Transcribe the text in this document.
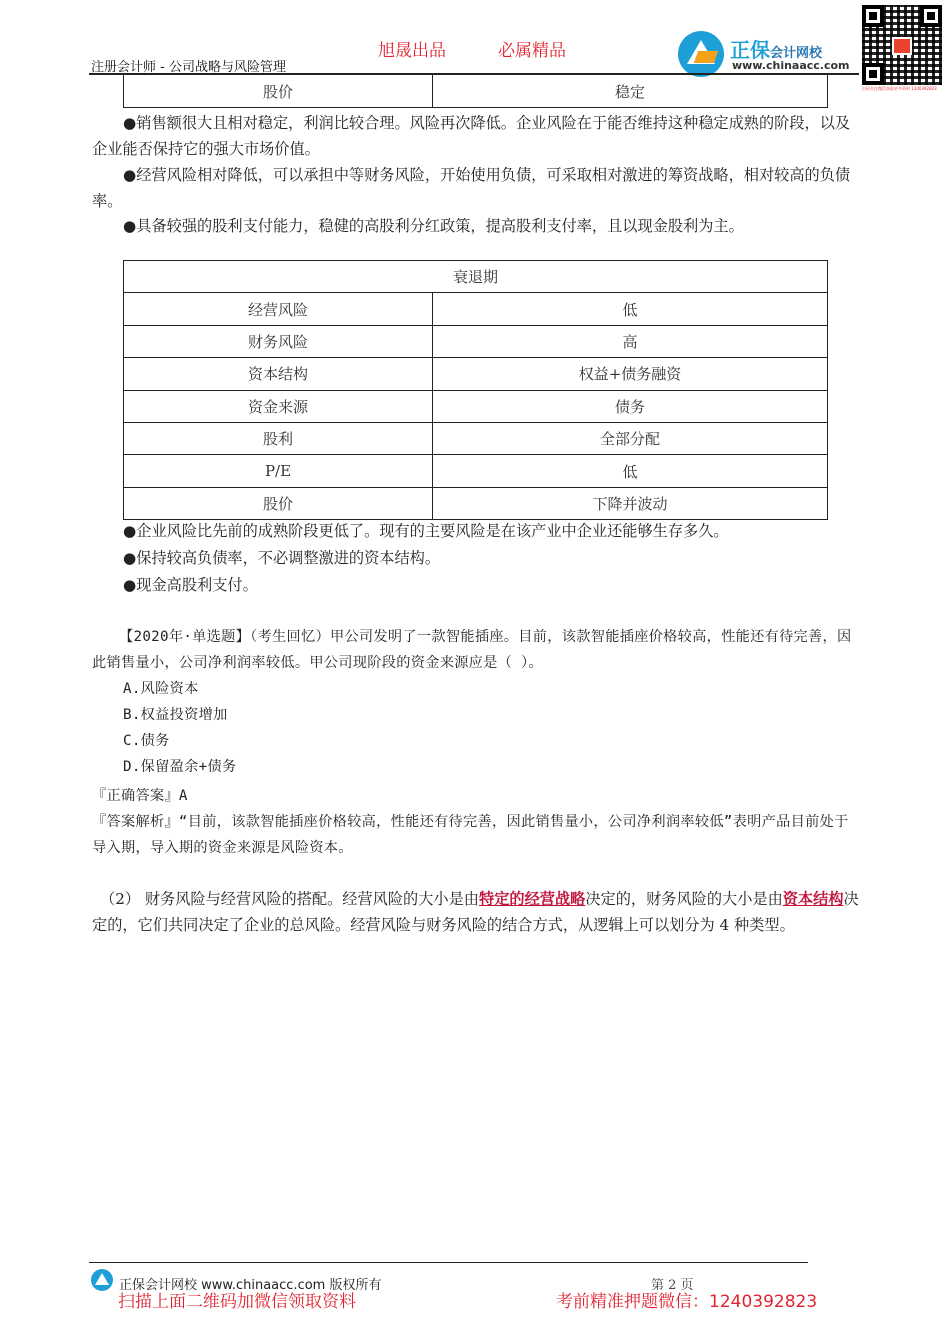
注册会计师 - 公司战略与风险管理
旭晟出品	必属精品	正保会计网校
www.chinaacc.com
扫码关注微信获取更多资料 1240392823
股价	稳定
●销售额很大且相对稳定，利润比较合理。风险再次降低。企业风险在于能否维持这种稳定成熟的阶段，以及企业能否保持它的强大市场价值。
●经营风险相对降低，可以承担中等财务风险，开始使用负债，可采取相对激进的筹资战略，相对较高的负债率。
●具备较强的股利支付能力，稳健的高股利分红政策，提高股利支付率，且以现金股利为主。
衰退期	
经营风险	低
财务风险	高
资本结构	权益+债务融资
资金来源	债务
股利	全部分配
P/E	低
股价	下降并波动
●企业风险比先前的成熟阶段更低了。现有的主要风险是在该产业中企业还能够生存多久。
●保持较高负债率，不必调整激进的资本结构。
●现金高股利支付。
【2020年·单选题】（考生回忆）甲公司发明了一款智能插座。目前，该款智能插座价格较高，性能还有待完善，因此销售量小，公司净利润率较低。甲公司现阶段的资金来源应是（ ）。
A.风险资本
B.权益投资增加
C.债务
D.保留盈余+债务
『正确答案』A
『答案解析』“目前，该款智能插座价格较高，性能还有待完善，因此销售量小，公司净利润率较低”表明产品目前处于导入期，导入期的资金来源是风险资本。
（2） 财务风险与经营风险的搭配。经营风险的大小是由特定的经营战略决定的，财务风险的大小是由资本结构决定的，它们共同决定了企业的总风险。经营风险与财务风险的结合方式，从逻辑上可以划分为 4 种类型。
正保会计网校 www.chinaacc.com 版权所有	第 2 页
扫描上面二维码加微信领取资料	考前精准押题微信：1240392823
